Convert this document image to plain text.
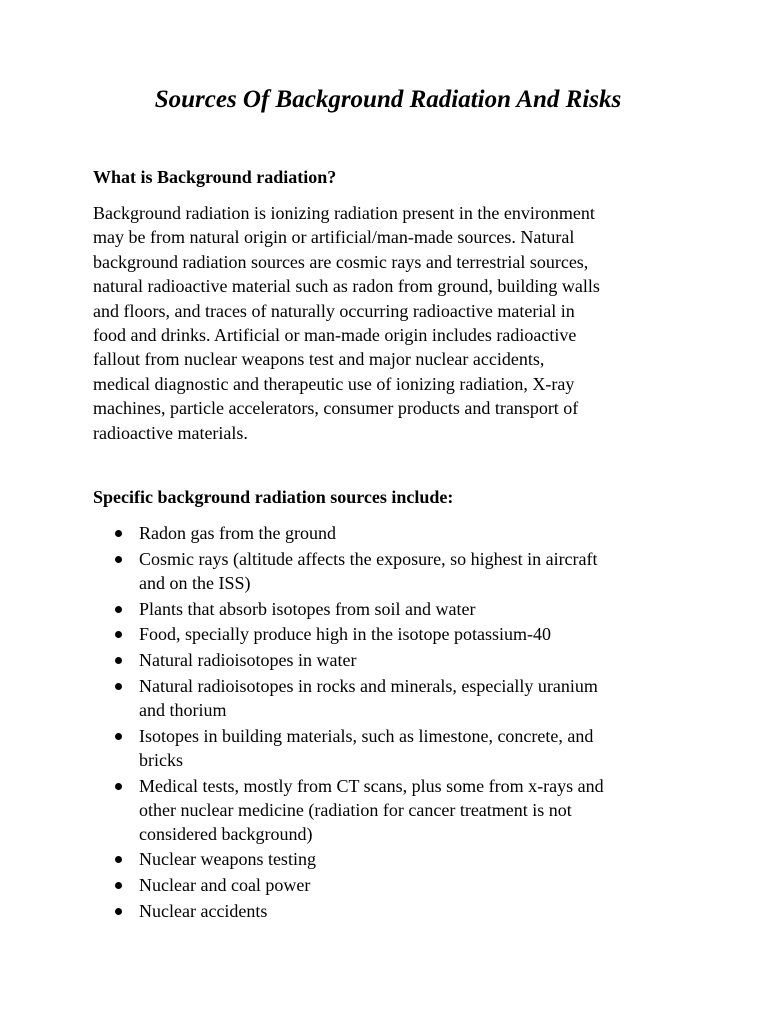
Sources Of Background Radiation And Risks
What is Background radiation?

Background radiation is ionizing radiation present in the environment
may be from natural origin or artificial/man-made sources. Natural
background radiation sources are cosmic rays and terrestrial sources,
natural radioactive material such as radon from ground, building walls
and floors, and traces of naturally occurring radioactive material in
food and drinks. Artificial or man-made origin includes radioactive
fallout from nuclear weapons test and major nuclear accidents,
medical diagnostic and therapeutic use of ionizing radiation, X-ray
machines, particle accelerators, consumer products and transport of
radioactive materials.

Specific background radiation sources include:
Radon gas from the ground
Cosmic rays (altitude affects the exposure, so highest in aircraft
and on the ISS)
Plants that absorb isotopes from soil and water
Food, specially produce high in the isotope potassium-40
Natural radioisotopes in water
Natural radioisotopes in rocks and minerals, especially uranium
and thorium
Isotopes in building materials, such as limestone, concrete, and
bricks
Medical tests, mostly from CT scans, plus some from x-rays and
other nuclear medicine (radiation for cancer treatment is not
considered background)
Nuclear weapons testing
Nuclear and coal power
Nuclear accidents
